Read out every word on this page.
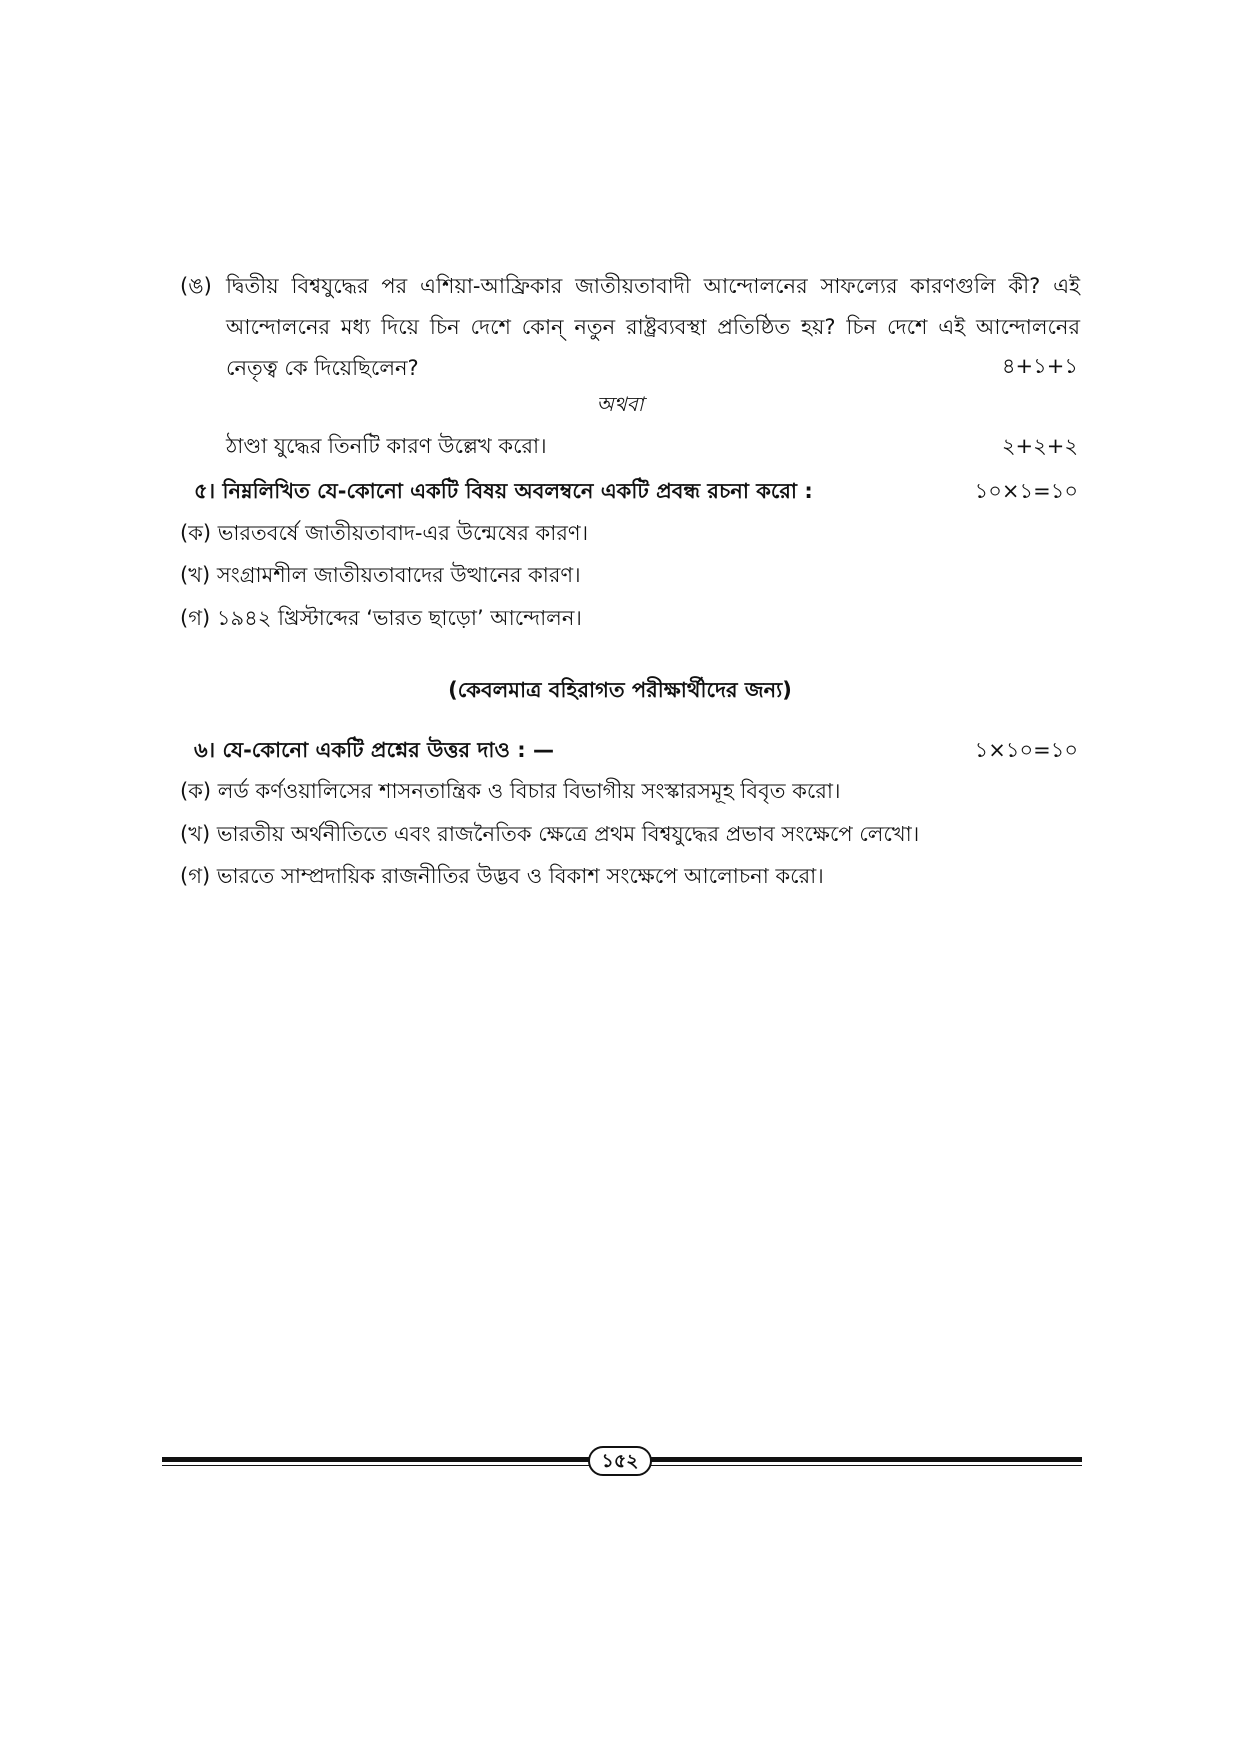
(ঙ) দ্বিতীয় বিশ্বযুদ্ধের পর এশিয়া-আফ্রিকার জাতীয়তাবাদী আন্দোলনের সাফল্যের কারণগুলি কী? এই আন্দোলনের মধ্য দিয়ে চিন দেশে কোন্ নতুন রাষ্ট্রব্যবস্থা প্রতিষ্ঠিত হয়? চিন দেশে এই আন্দোলনের নেতৃত্ব কে দিয়েছিলেন?	৪+১+১
অথবা
ঠাণ্ডা যুদ্ধের তিনটি কারণ উল্লেখ করো।	২+২+২
৫। নিম্নলিখিত যে-কোনো একটি বিষয় অবলম্বনে একটি প্রবন্ধ রচনা করো :	১০×১=১০
(ক) ভারতবর্ষে জাতীয়তাবাদ-এর উন্মেষের কারণ।
(খ) সংগ্রামশীল জাতীয়তাবাদের উত্থানের কারণ।
(গ) ১৯৪২ খ্রিস্টাব্দের ‘ভারত ছাড়ো’ আন্দোলন।
(কেবলমাত্র বহিরাগত পরীক্ষার্থীদের জন্য)
৬। যে-কোনো একটি প্রশ্নের উত্তর দাও : —	১×১০=১০
(ক) লর্ড কর্ণওয়ালিসের শাসনতান্ত্রিক ও বিচার বিভাগীয় সংস্কারসমূহ বিবৃত করো।
(খ) ভারতীয় অর্থনীতিতে এবং রাজনৈতিক ক্ষেত্রে প্রথম বিশ্বযুদ্ধের প্রভাব সংক্ষেপে লেখো।
(গ) ভারতে সাম্প্রদায়িক রাজনীতির উদ্ভব ও বিকাশ সংক্ষেপে আলোচনা করো।
১৫২
